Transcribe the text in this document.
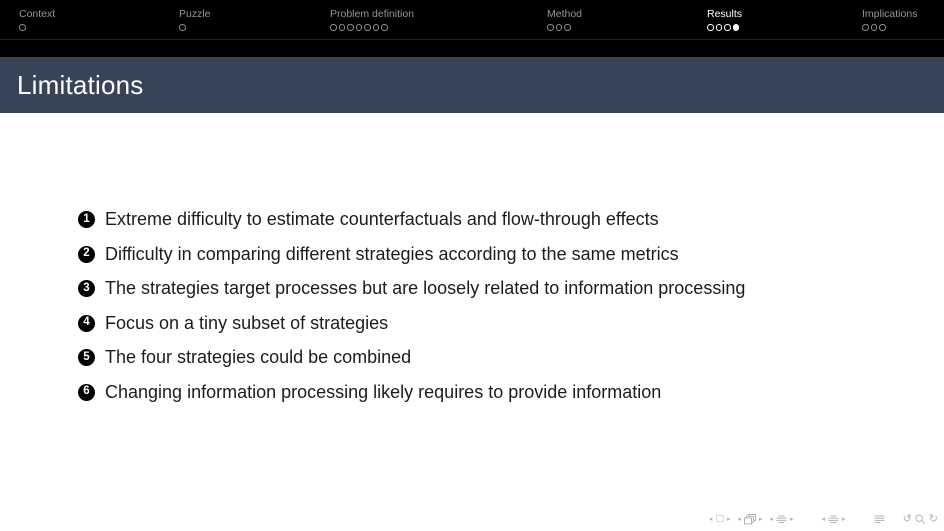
Context	Puzzle	Problem definition	Method	Results	Implications
Limitations
1 Extreme difficulty to estimate counterfactuals and flow-through effects
2 Difficulty in comparing different strategies according to the same metrics
3 The strategies target processes but are loosely related to information processing
4 Focus on a tiny subset of strategies
5 The four strategies could be combined
6 Changing information processing likely requires to provide information
◂ □ ▸ ◂	▸ ◂ ▸	◂ ▸	↺ ↻
